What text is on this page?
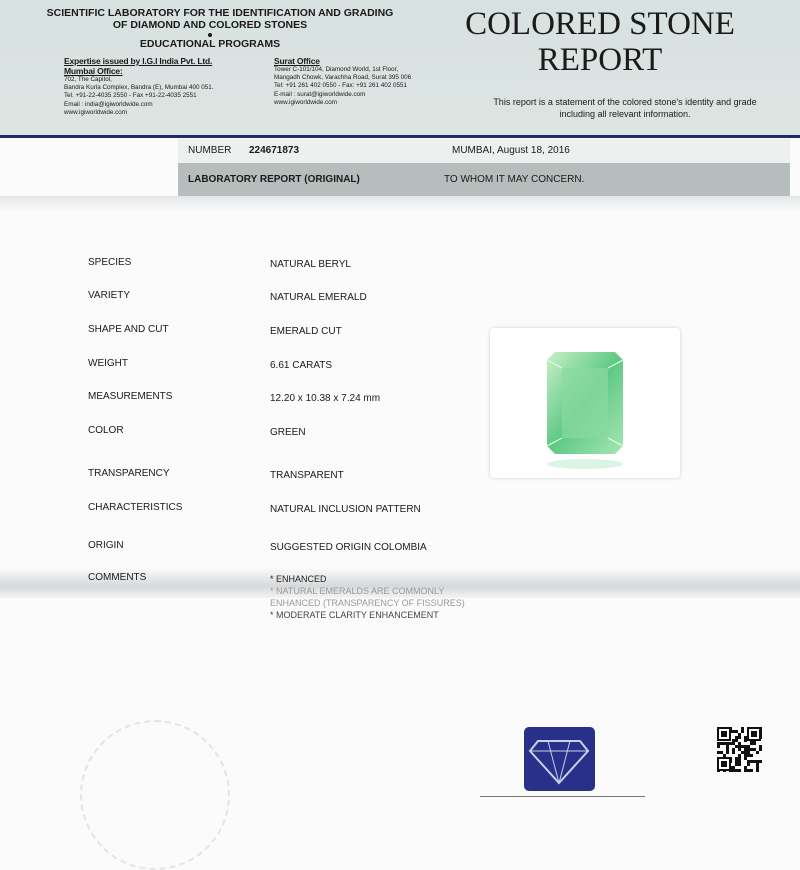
SCIENTIFIC LABORATORY FOR THE IDENTIFICATION AND GRADING
OF DIAMOND AND COLORED STONES
EDUCATIONAL PROGRAMS
Expertise issued by I.G.I India Pvt. Ltd.
Mumbai Office:
702, The Capitol,
Bandra Kurla Complex, Bandra (E), Mumbai 400 051.
Tel. +91-22-4035 2550 - Fax +91-22-4035 2551
Email : india@igiworldwide.com
www.igiworldwide.com
Surat Office
Tower C-101/104, Diamond World, 1st Floor,
Mangadh Chowk, Varachha Road, Surat 395 006
Tel: +91 261 402 0550 - Fax: +91 261 402 0551
E-mail : surat@igiworldwide.com
www.igiworldwide.com
COLORED STONE
REPORT
This report is a statement of the colored stone's identity and grade including all relevant information.
NUMBER 224671873	MUMBAI, August 18, 2016
LABORATORY REPORT (ORIGINAL)	TO WHOM IT MAY CONCERN.
SPECIES	NATURAL BERYL
VARIETY	NATURAL EMERALD
SHAPE AND CUT	EMERALD CUT
WEIGHT	6.61 CARATS
MEASUREMENTS	12.20 x 10.38 x 7.24 mm
COLOR	GREEN
TRANSPARENCY	TRANSPARENT
CHARACTERISTICS	NATURAL INCLUSION PATTERN
ORIGIN	SUGGESTED ORIGIN COLOMBIA
COMMENTS	* ENHANCED
* NATURAL EMERALDS ARE COMMONLY
ENHANCED (TRANSPARENCY OF FISSURES)
* MODERATE CLARITY ENHANCEMENT
